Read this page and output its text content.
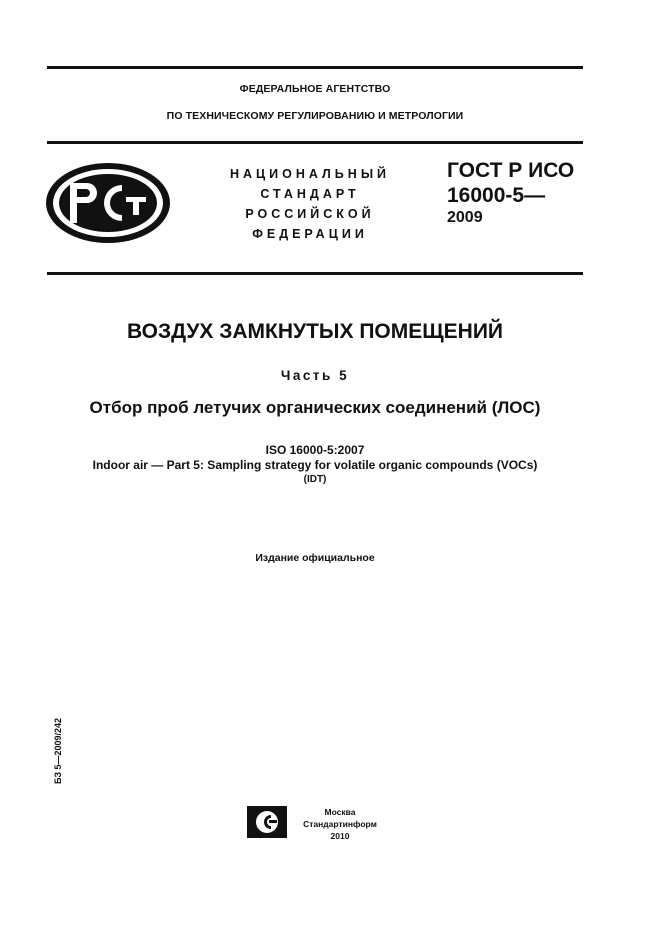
ФЕДЕРАЛЬНОЕ АГЕНТСТВО
ПО ТЕХНИЧЕСКОМУ РЕГУЛИРОВАНИЮ И МЕТРОЛОГИИ
НАЦИОНАЛЬНЫЙ
СТАНДАРТ
РОССИЙСКОЙ
ФЕДЕРАЦИИ
ГОСТ Р ИСО
16000-5—
2009
ВОЗДУХ ЗАМКНУТЫХ ПОМЕЩЕНИЙ
Часть 5
Отбор проб летучих органических соединений (ЛОС)
ISO 16000-5:2007
Indoor air — Part 5: Sampling strategy for volatile organic compounds (VOCs)
(IDT)
Издание официальное
БЗ 5—2009/242
Москва
Стандартинформ
2010
